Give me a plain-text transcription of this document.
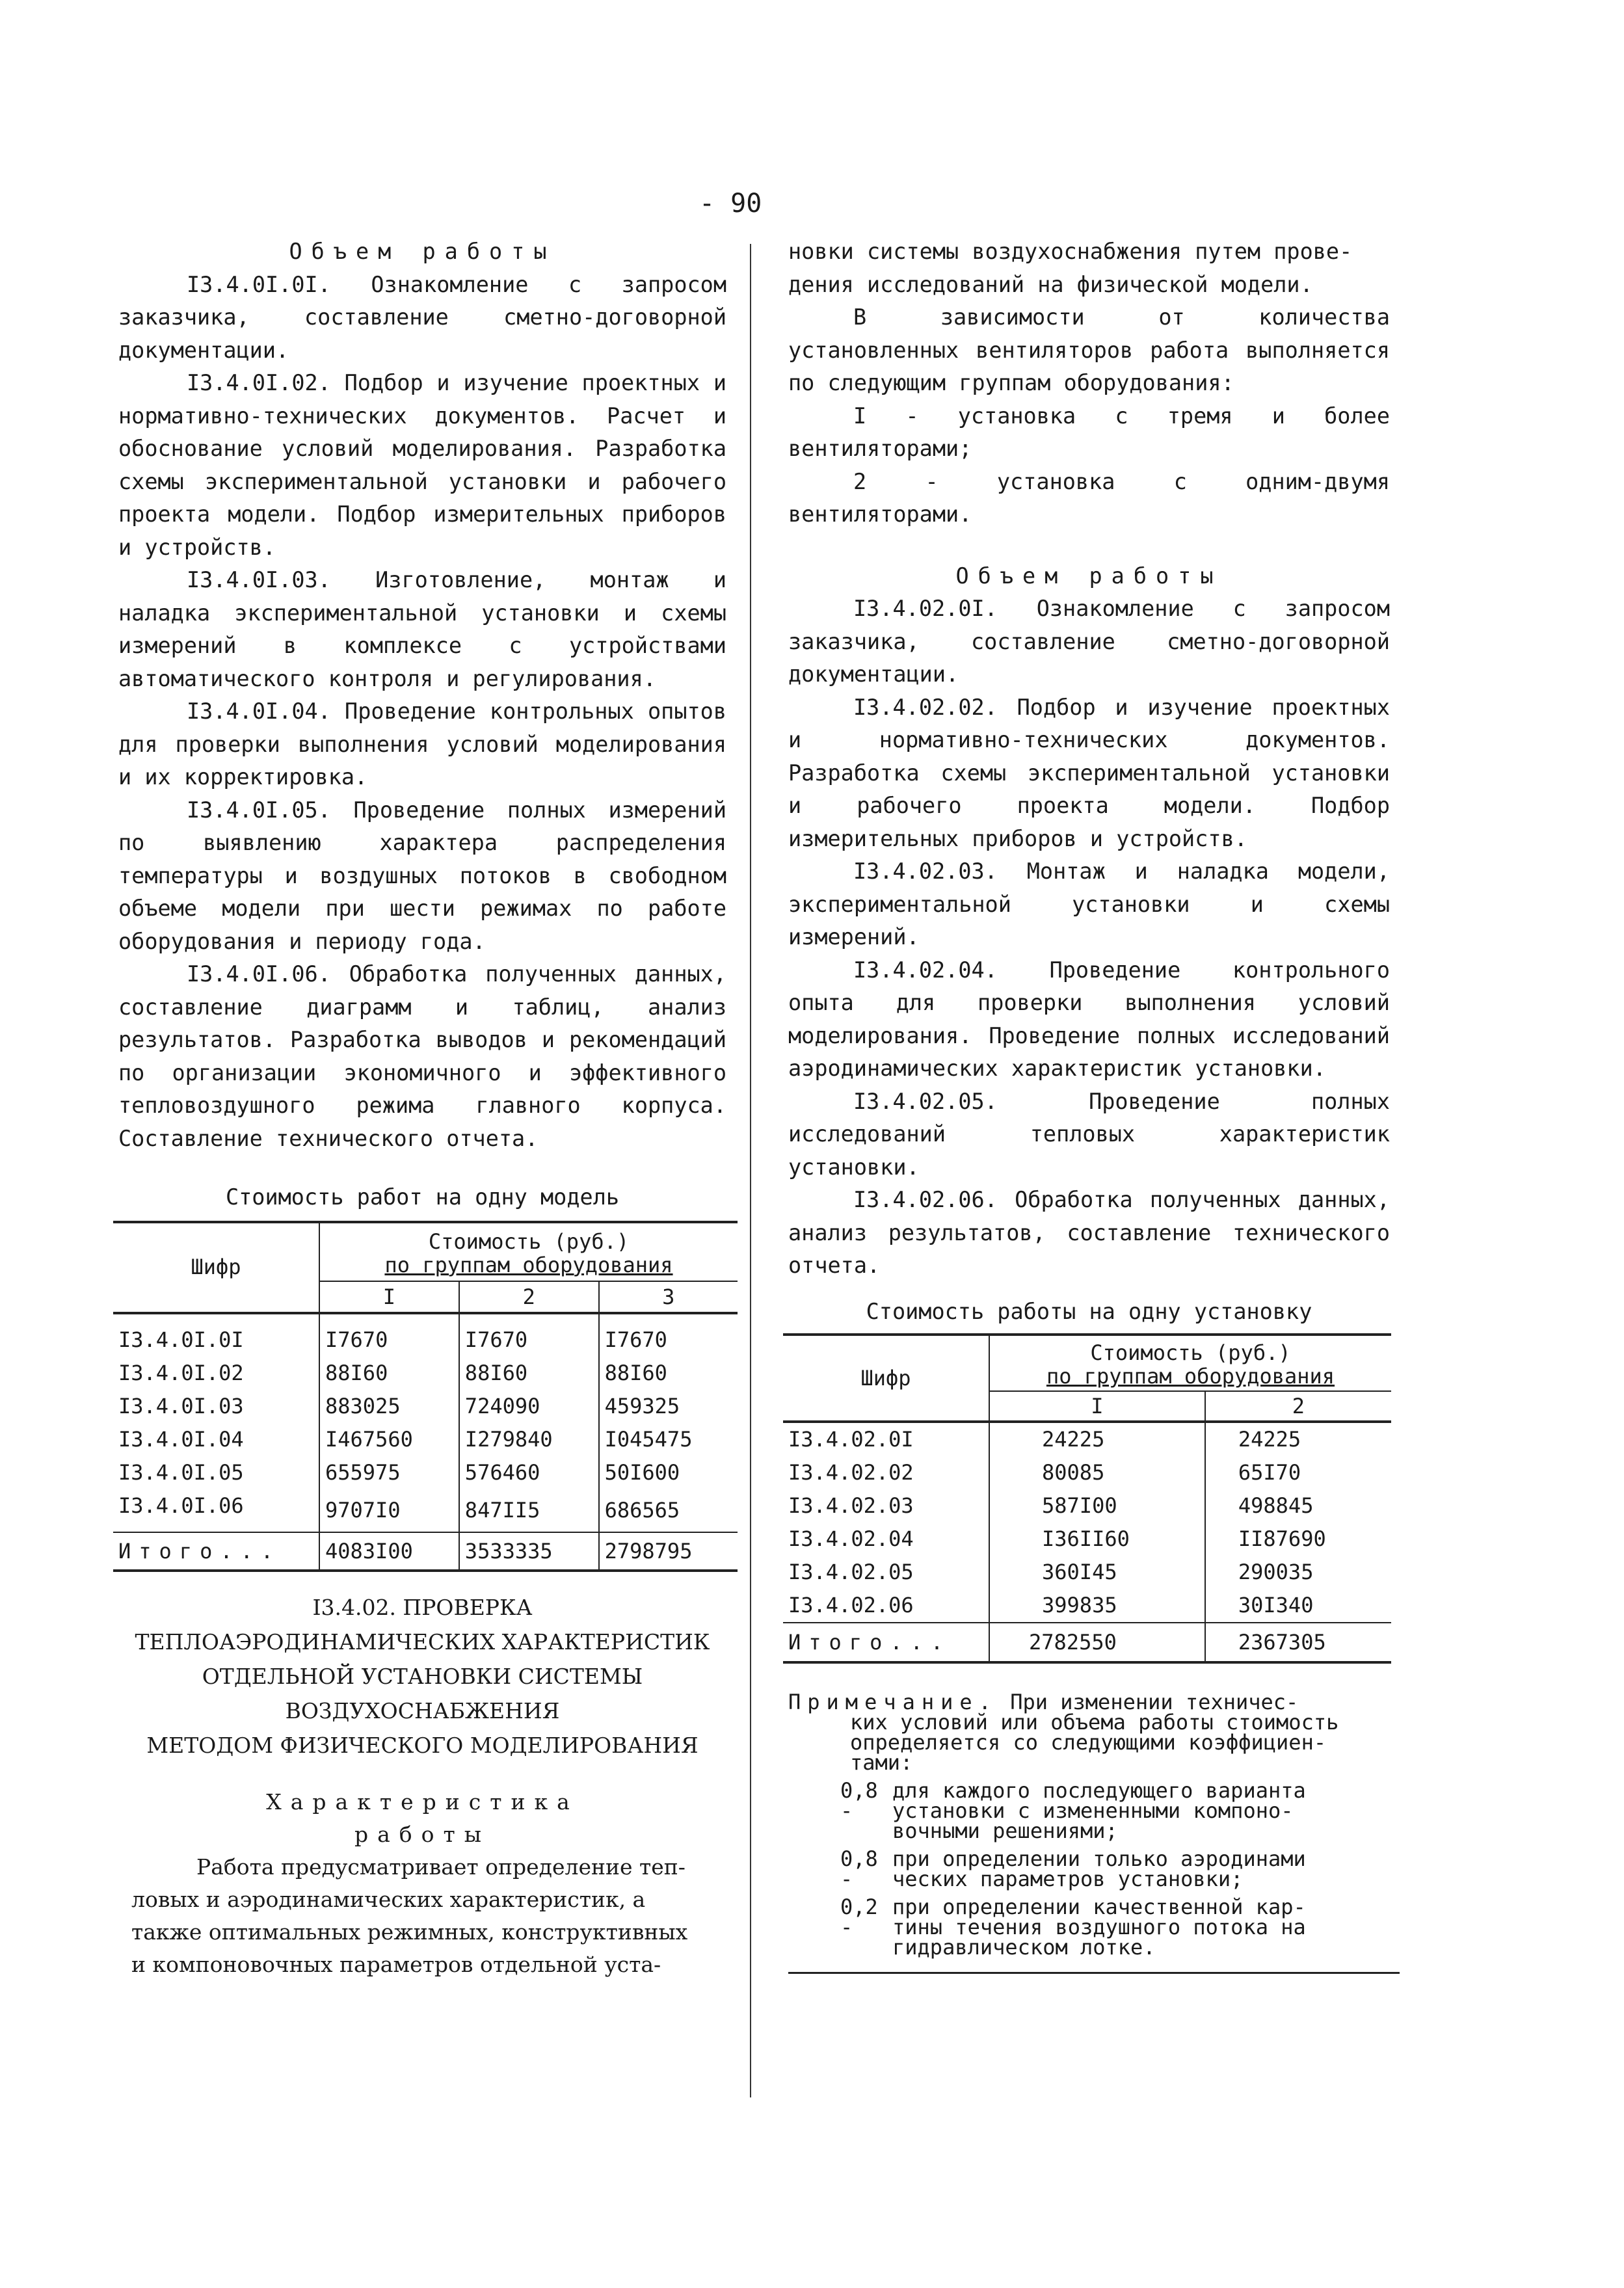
- 90
Объем работы

I3.4.0I.0I. Ознакомление с запросом заказчика, составление сметно-договорной документации.

I3.4.0I.02. Подбор и изучение проектных и нормативно-технических документов. Расчет и обоснование условий моделирования. Разработка схемы экспериментальной установки и рабочего проекта модели. Подбор измерительных приборов и устройств.

I3.4.0I.03. Изготовление, монтаж и наладка экспериментальной установки и схемы измерений в комплексе с устройствами автоматического контроля и регулирования.

I3.4.0I.04. Проведение контрольных опытов для проверки выполнения условий моделирования и их корректировка.

I3.4.0I.05. Проведение полных измерений по выявлению характера распределения температуры и воздушных потоков в свободном объеме модели при шести режимах по работе оборудования и периоду года.

I3.4.0I.06. Обработка полученных данных, составление диаграмм и таблиц, анализ результатов. Разработка выводов и рекомендаций по организации экономичного и эффективного тепловоздушного режима главного корпуса. Составление технического отчета.

Стоимость работ на одну модель

Шифр	Стоимость (руб.)
по группам оборудования		

	I	2	3
I3.4.0I.0I	I7670	I7670	I7670
I3.4.0I.02	88I60	88I60	88I60
I3.4.0I.03	883025	724090	459325
I3.4.0I.04	I467560	I279840	I045475
I3.4.0I.05	655975	576460	50I600
I3.4.0I.06	9707I0	847II5	686565
Итого...	4083I00	3533335	2798795
I3.4.02. ПРОВЕРКА
ТЕПЛОАЭРОДИНАМИЧЕСКИХ ХАРАКТЕРИСТИК
ОТДЕЛЬНОЙ УСТАНОВКИ СИСТЕМЫ
ВОЗДУХОСНАБЖЕНИЯ
МЕТОДОМ ФИЗИЧЕСКОГО МОДЕЛИРОВАНИЯ
Характеристика
работы
Работа предусматривает определение теп-
ловых и аэродинамических характеристик, а
также оптимальных режимных, конструктивных
и компоновочных параметров отдельной уста-
новки системы воздухоснабжения путем прове-
дения исследований на физической модели.

В зависимости от количества установленных вентиляторов работа выполняется по следующим группам оборудования:

I - установка с тремя и более вентиляторами;

2 - установка с одним-двумя вентиляторами.

Объем работы

I3.4.02.0I. Ознакомление с запросом заказчика, составление сметно-договорной документации.

I3.4.02.02. Подбор и изучение проектных и нормативно-технических документов. Разработка схемы экспериментальной установки и рабочего проекта модели. Подбор измерительных приборов и устройств.

I3.4.02.03. Монтаж и наладка модели, экспериментальной установки и схемы измерений.

I3.4.02.04. Проведение контрольного опыта для проверки выполнения условий моделирования. Проведение полных исследований аэродинамических характеристик установки.

I3.4.02.05. Проведение полных исследований тепловых характеристик установки.

I3.4.02.06. Обработка полученных данных, анализ результатов, составление технического отчета.

Стоимость работы на одну установку

Шифр	Стоимость (руб.)
по группам оборудования	

	I	2
I3.4.02.0I	24225	24225
I3.4.02.02	80085	65I70
I3.4.02.03	587I00	498845
I3.4.02.04	I36II60	II87690
I3.4.02.05	360I45	290035
I3.4.02.06	399835	30I340
Итого...	2782550	2367305
Примечание. При изменении техничес-
ких условий или объема работы стоимость
определяется со следующими коэффициен-
тами:
0,8 -
для каждого последующего варианта
установки с измененными компоно-
вочными решениями;
0,8 -
при определении только аэродинами
ческих параметров установки;
0,2 -
при определении качественной кар-
тины течения воздушного потока на
гидравлическом лотке.
